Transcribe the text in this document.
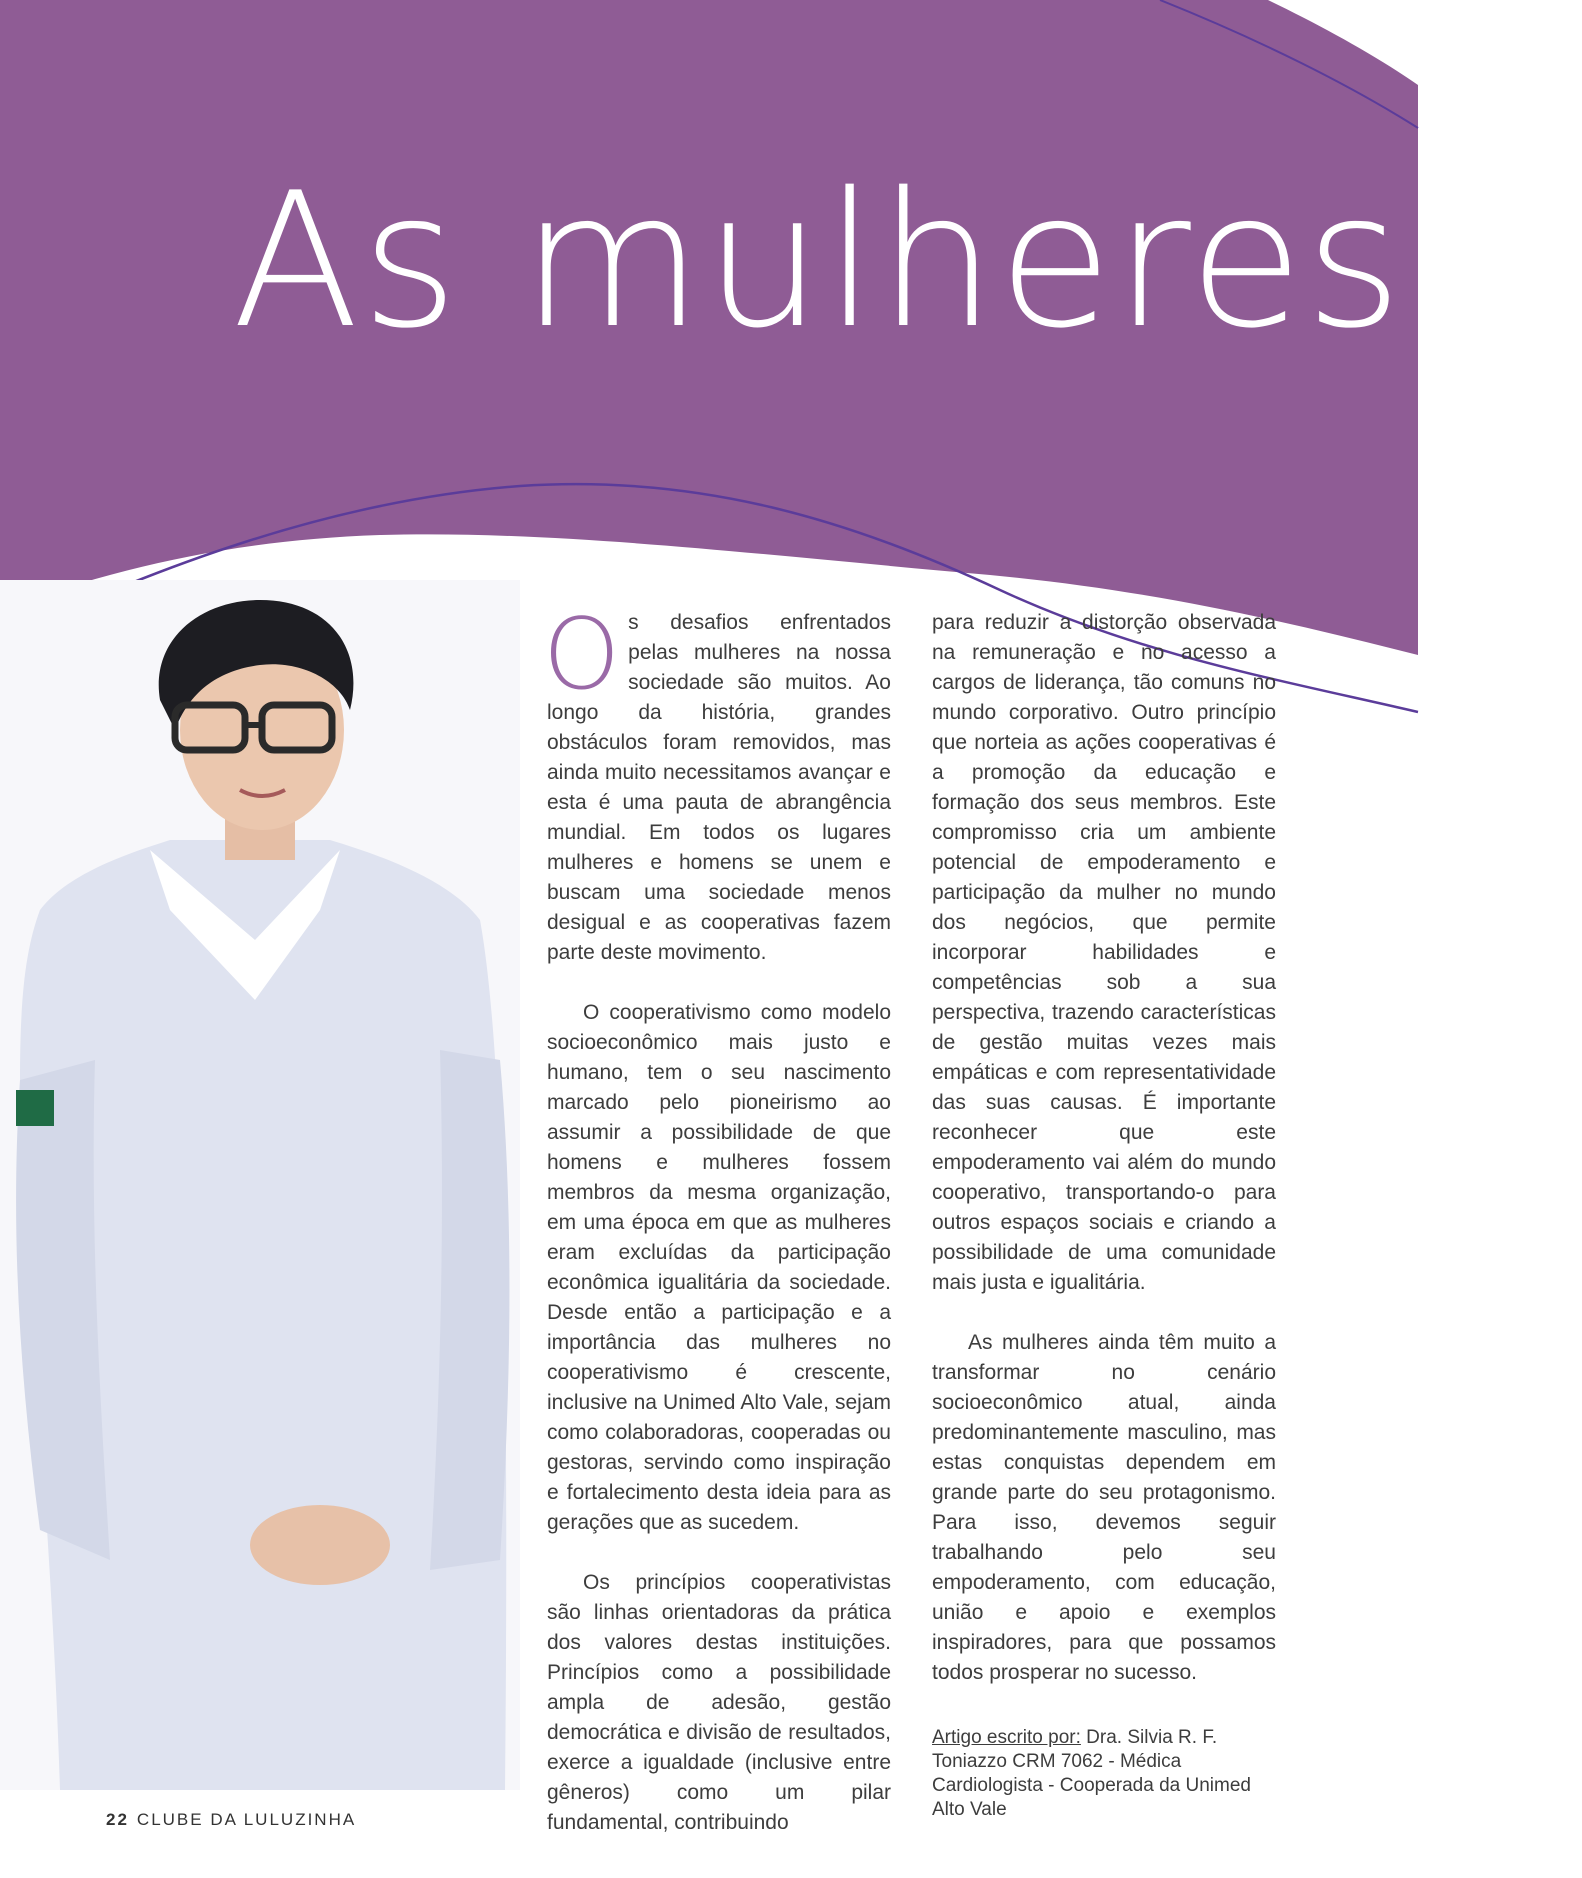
As mulheres e

Os desafios enfrentados pelas mulheres na nossa sociedade são muitos. Ao longo da história, grandes obstáculos foram removidos, mas ainda muito necessitamos avançar e esta é uma pauta de abrangência mundial. Em todos os lugares mulheres e homens se unem e buscam uma sociedade menos desigual e as cooperativas fazem parte deste movimento.

O cooperativismo como modelo socioeconômico mais justo e humano, tem o seu nascimento marcado pelo pioneirismo ao assumir a possibilidade de que homens e mulheres fossem membros da mesma organização, em uma época em que as mulheres eram excluídas da participação econômica igualitária da sociedade. Desde então a participação e a importância das mulheres no cooperativismo é crescente, inclusive na Unimed Alto Vale, sejam como colaboradoras, cooperadas ou gestoras, servindo como inspiração e fortalecimento desta ideia para as gerações que as sucedem.

Os princípios cooperativistas são linhas orientadoras da prática dos valores destas instituições. Princípios como a possibilidade ampla de adesão, gestão democrática e divisão de resultados, exerce a igualdade (inclusive entre gêneros) como um pilar fundamental, contribuindo

para reduzir a distorção observada na remuneração e no acesso a cargos de liderança, tão comuns no mundo corporativo. Outro princípio que norteia as ações cooperativas é a promoção da educação e formação dos seus membros. Este compromisso cria um ambiente potencial de empoderamento e participação da mulher no mundo dos negócios, que permite incorporar habilidades e competências sob a sua perspectiva, trazendo características de gestão muitas vezes mais empáticas e com representatividade das suas causas. É importante reconhecer que este empoderamento vai além do mundo cooperativo, transportando-o para outros espaços sociais e criando a possibilidade de uma comunidade mais justa e igualitária.

As mulheres ainda têm muito a transformar no cenário socioeconômico atual, ainda predominantemente masculino, mas estas conquistas dependem em grande parte do seu protagonismo. Para isso, devemos seguir trabalhando pelo seu empoderamento, com educação, união e apoio e exemplos inspiradores, para que possamos todos prosperar no sucesso.

Artigo escrito por: Dra. Silvia R. F. Toniazzo CRM 7062 - Médica Cardiologista - Cooperada da Unimed Alto Vale
22 CLUBE DA LULUZINHA
